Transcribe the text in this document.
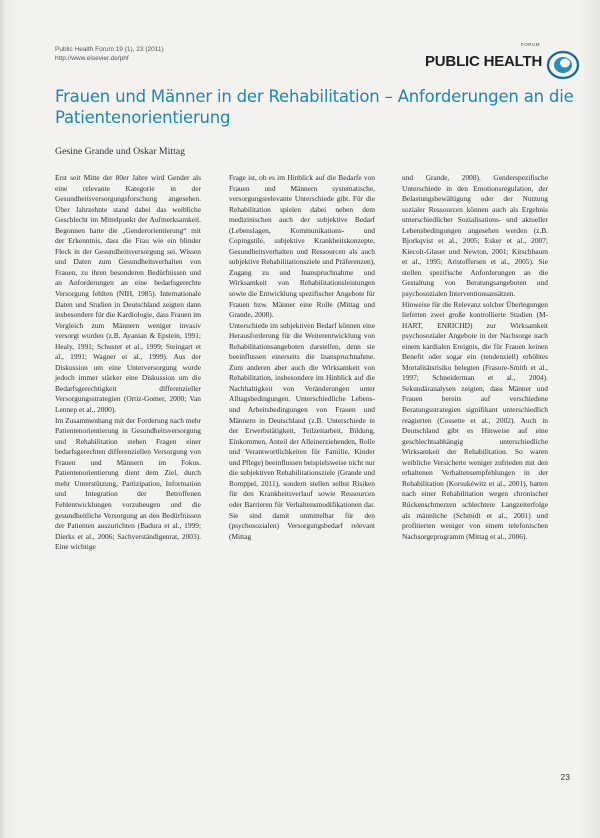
Public Health Forum 19 (1), 23 (2011)
http://www.elsevier.de/phf
FORUM
PUBLIC HEALTH
Frauen und Männer in der Rehabilitation – Anforderungen an die Patientenorientierung
Gesine Grande und Oskar Mittag

Erst seit Mitte der 80er Jahre wird Gender als eine relevante Kategorie in der Gesundheitsversorgungsforschung angesehen. Über Jahrzehnte stand dabei das weibliche Geschlecht im Mittelpunkt der Aufmerksamkeit. Begonnen hatte die „Genderorientierung“ mit der Erkenntnis, dass die Frau wie ein blinder Fleck in der Gesundheitsversorgung sei. Wissen und Daten zum Gesundheitsverhalten von Frauen, zu ihren besonderen Bedürfnissen und an Anforderungen an eine bedarfsgerechte Versorgung fehlten (NIH, 1985). Internationale Daten und Studien in Deutschland zeigten dann insbesondere für die Kardiologie, dass Frauen im Vergleich zum Männern weniger invasiv versorgt wurden (z.B. Ayanian & Epstein, 1991; Healy, 1991; Schuster et al., 1999; Steingart et al., 1991; Wagner et al., 1999). Aus der Diskussion um eine Unterversorgung wurde jedoch immer stärker eine Diskussion um die Bedarfsgerechtigkeit differenzieller Versorgungsstrategien (Ortiz-Gomer, 2000; Van Lennep et al., 2000).

Im Zusammenhang mit der Forderung nach mehr Patientenorientierung in Gesundheitsversorgung und Rehabilitation stehen Fragen einer bedarfsgerechten differenziellen Versorgung von Frauen und Männern im Fokus. Patientenorientierung dient dem Ziel, durch mehr Unterstützung, Partizipation, Information und Integration der Betroffenen Fehlentwicklungen vorzubeugen und die gesundheitliche Versorgung an den Bedürfnissen der Patienten auszurichten (Badura et al., 1999; Dierks et al., 2006; Sachverständigenrat, 2003). Eine wichtige

Frage ist, ob es im Hinblick auf die Bedarfe von Frauen und Männern systematische, versorgungsrelevante Unterschiede gibt. Für die Rehabilitation spielen dabei neben dem medizinischen auch der subjektive Bedarf (Lebenslagen, Kommunikations- und Copingstile, subjektive Krankheitskonzepte, Gesundheitsverhalten und Ressourcen als auch subjektive Rehabilitationsziele und Präferenzen), Zugang zu und Inanspruchnahme und Wirksamkeit von Rehabilitationsleistungen sowie die Entwicklung spezifischer Angebote für Frauen bzw. Männer eine Rolle (Mittag und Grande, 2008).

Unterschiede im subjektiven Bedarf können eine Herausforderung für die Weiterentwicklung von Rehabilitationsangeboten darstellen, denn sie beeinflussen einerseits die Inanspruchnahme. Zum anderen aber auch die Wirksamkeit von Rehabilitation, insbesondere im Hinblick auf die Nachhaltigkeit von Veränderungen unter Alltagsbedingungen. Unterschiedliche Lebens- und Arbeitsbedingungen von Frauen und Männern in Deutschland (z.B. Unterschiede in der Erwerbstätigkeit, Teilzeitarbeit, Bildung, Einkommen, Anteil der Alleinerziehenden, Rolle und Verantwortlichkeiten für Familie, Kinder und Pflege) beeinflussen beispielsweise nicht nur die subjektiven Rehabilitationsziele (Grande und Romppel, 2011), sondern stellen selbst Risiken für den Krankheitsverlauf sowie Ressourcen oder Barrieren für Verhaltensmodifikationen dar. Sie sind damit unmittelbar für den (psychosozialen) Versorgungsbedarf relevant (Mittag

und Grande, 2008). Genderspezifische Unterschiede in den Emotionsregulation, der Belastungsbewältigung oder der Nutzung sozialer Ressourcen können auch als Ergebnis unterschiedlicher Sozialisations- und aktueller Lebensbedingungen angesehen werden (z.B. Bjorkqvist et al., 2005; Esker et al., 2007; Kiecolt-Glaser und Newton, 2001; Kirschbaum et al., 1995; Aristoffersen et al., 2005). Sie stellen spezifische Anforderungen an die Gestaltung von Beratungsangeboten und psychosozialen Interventionsansätzen.

Hinweise für die Relevanz solcher Überlegungen lieferten zwei große kontrollierte Studien (M-HART, ENRICHD) zur Wirksamkeit psychosozialer Angebote in der Nachsorge nach einem kardialen Ereignis, die für Frauen keinen Benefit oder sogar ein (tendenziell) erhöhtes Mortalitätsrisiko belegten (Frasure-Smith et al., 1997; Schneiderman et al., 2004). Sekundäranalysen zeigten, dass Männer und Frauen bereits auf verschiedene Beratungsstrategien signifikant unterschiedlich reagierten (Cossette et al., 2002). Auch in Deutschland gibt es Hinweise auf eine geschlechtsabhängig unterschiedliche Wirksamkeit der Rehabilitation. So waren weibliche Versicherte weniger zufrieden mit den erhaltenen Verhaltensempfehlungen in der Rehabilitation (Korsukéwitz et al., 2001), hatten nach einer Rehabilitation wegen chronischer Rückenschmerzen schlechtere Langzeiterfolge als männliche (Schmidt et al., 2001) und profitierten weniger von einem telefonischen Nachsorgeprogramm (Mittag et al., 2006).

23
